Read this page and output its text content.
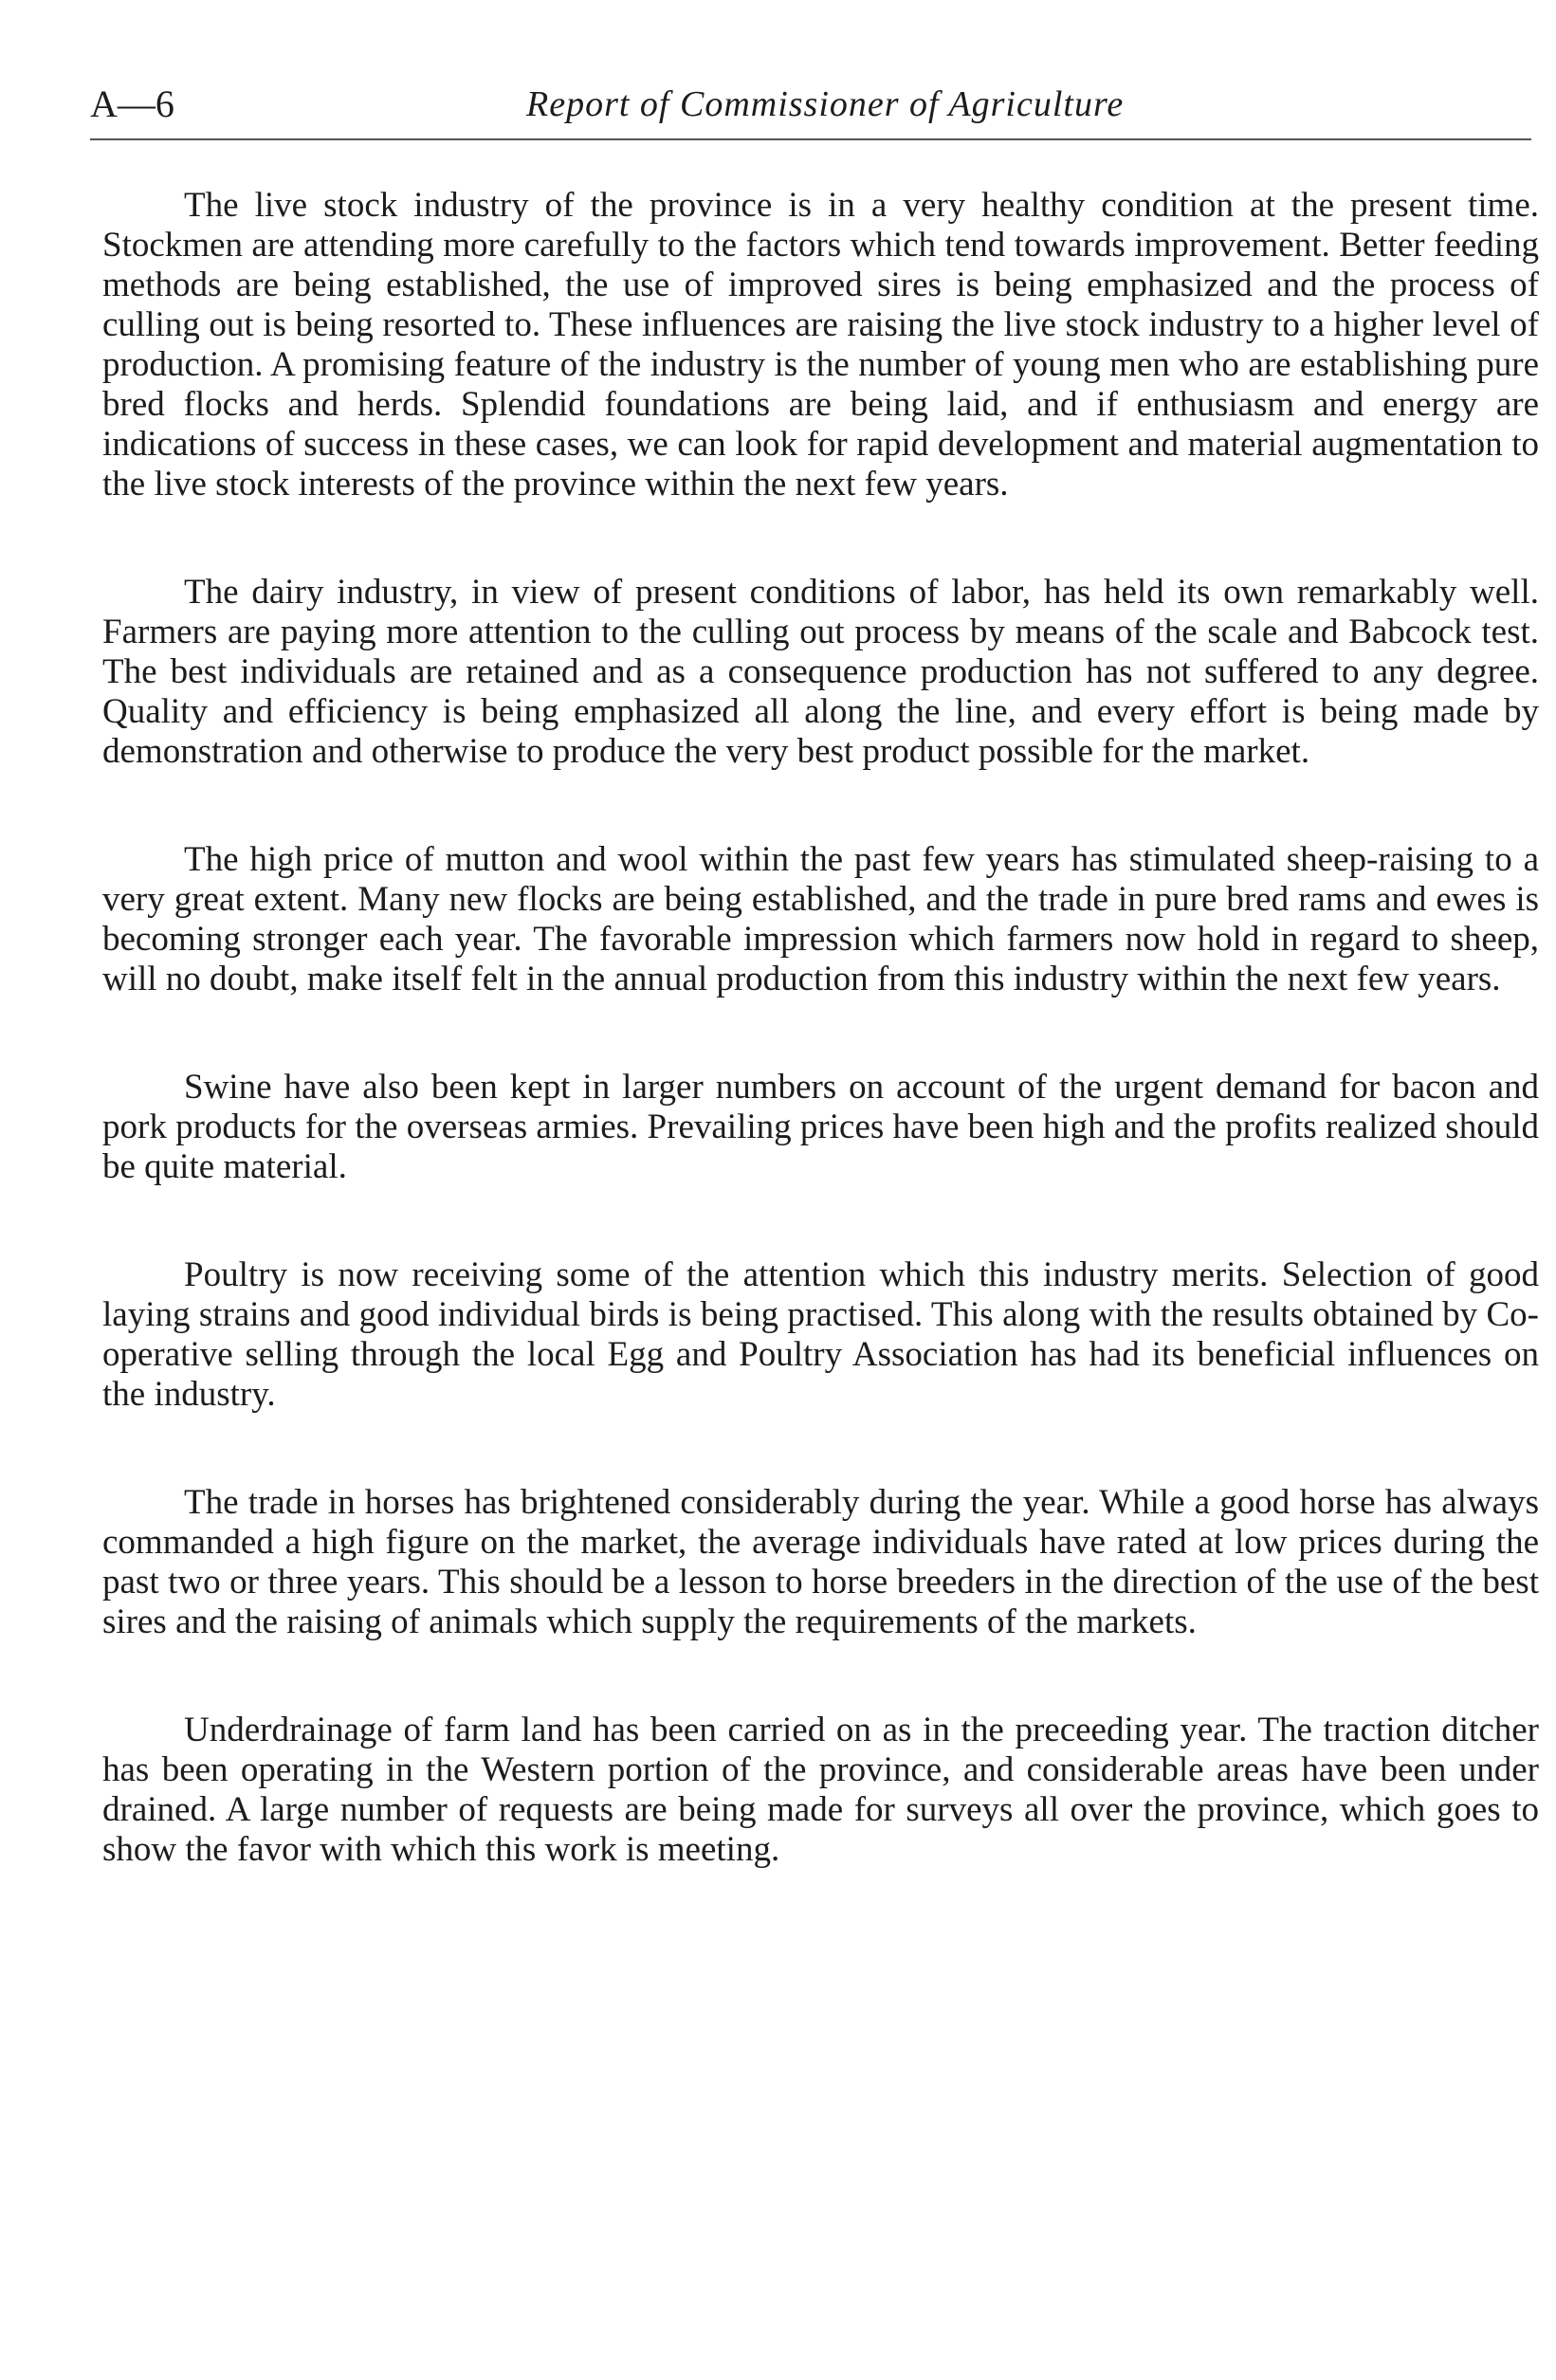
A—6	Report of Commissioner of Agriculture

The live stock industry of the province is in a very healthy condition at the present time. Stockmen are attending more carefully to the factors which tend towards improvement. Better feeding methods are being established, the use of improved sires is being emphasized and the process of culling out is being resorted to. These influences are raising the live stock industry to a higher level of production. A promising feature of the industry is the number of young men who are establishing pure bred flocks and herds. Splendid foundations are being laid, and if enthusiasm and energy are indications of success in these cases, we can look for rapid development and material augmentation to the live stock interests of the province within the next few years.

The dairy industry, in view of present conditions of labor, has held its own remarkably well. Farmers are paying more attention to the culling out process by means of the scale and Babcock test. The best individuals are retained and as a consequence production has not suffered to any degree. Quality and efficiency is being emphasized all along the line, and every effort is being made by demonstration and otherwise to produce the very best product possible for the market.

The high price of mutton and wool within the past few years has stimulated sheep-raising to a very great extent. Many new flocks are being established, and the trade in pure bred rams and ewes is becoming stronger each year. The favorable impression which farmers now hold in regard to sheep, will no doubt, make itself felt in the annual production from this industry within the next few years.

Swine have also been kept in larger numbers on account of the urgent demand for bacon and pork products for the overseas armies. Prevailing prices have been high and the profits realized should be quite material.

Poultry is now receiving some of the attention which this industry merits. Selection of good laying strains and good individual birds is being practised. This along with the results obtained by Co-operative selling through the local Egg and Poultry Association has had its beneficial influences on the industry.

The trade in horses has brightened considerably during the year. While a good horse has always commanded a high figure on the market, the average individuals have rated at low prices during the past two or three years. This should be a lesson to horse breeders in the direction of the use of the best sires and the raising of animals which supply the requirements of the markets.

Underdrainage of farm land has been carried on as in the preceeding year. The traction ditcher has been operating in the Western portion of the province, and considerable areas have been under drained. A large number of requests are being made for surveys all over the province, which goes to show the favor with which this work is meeting.
